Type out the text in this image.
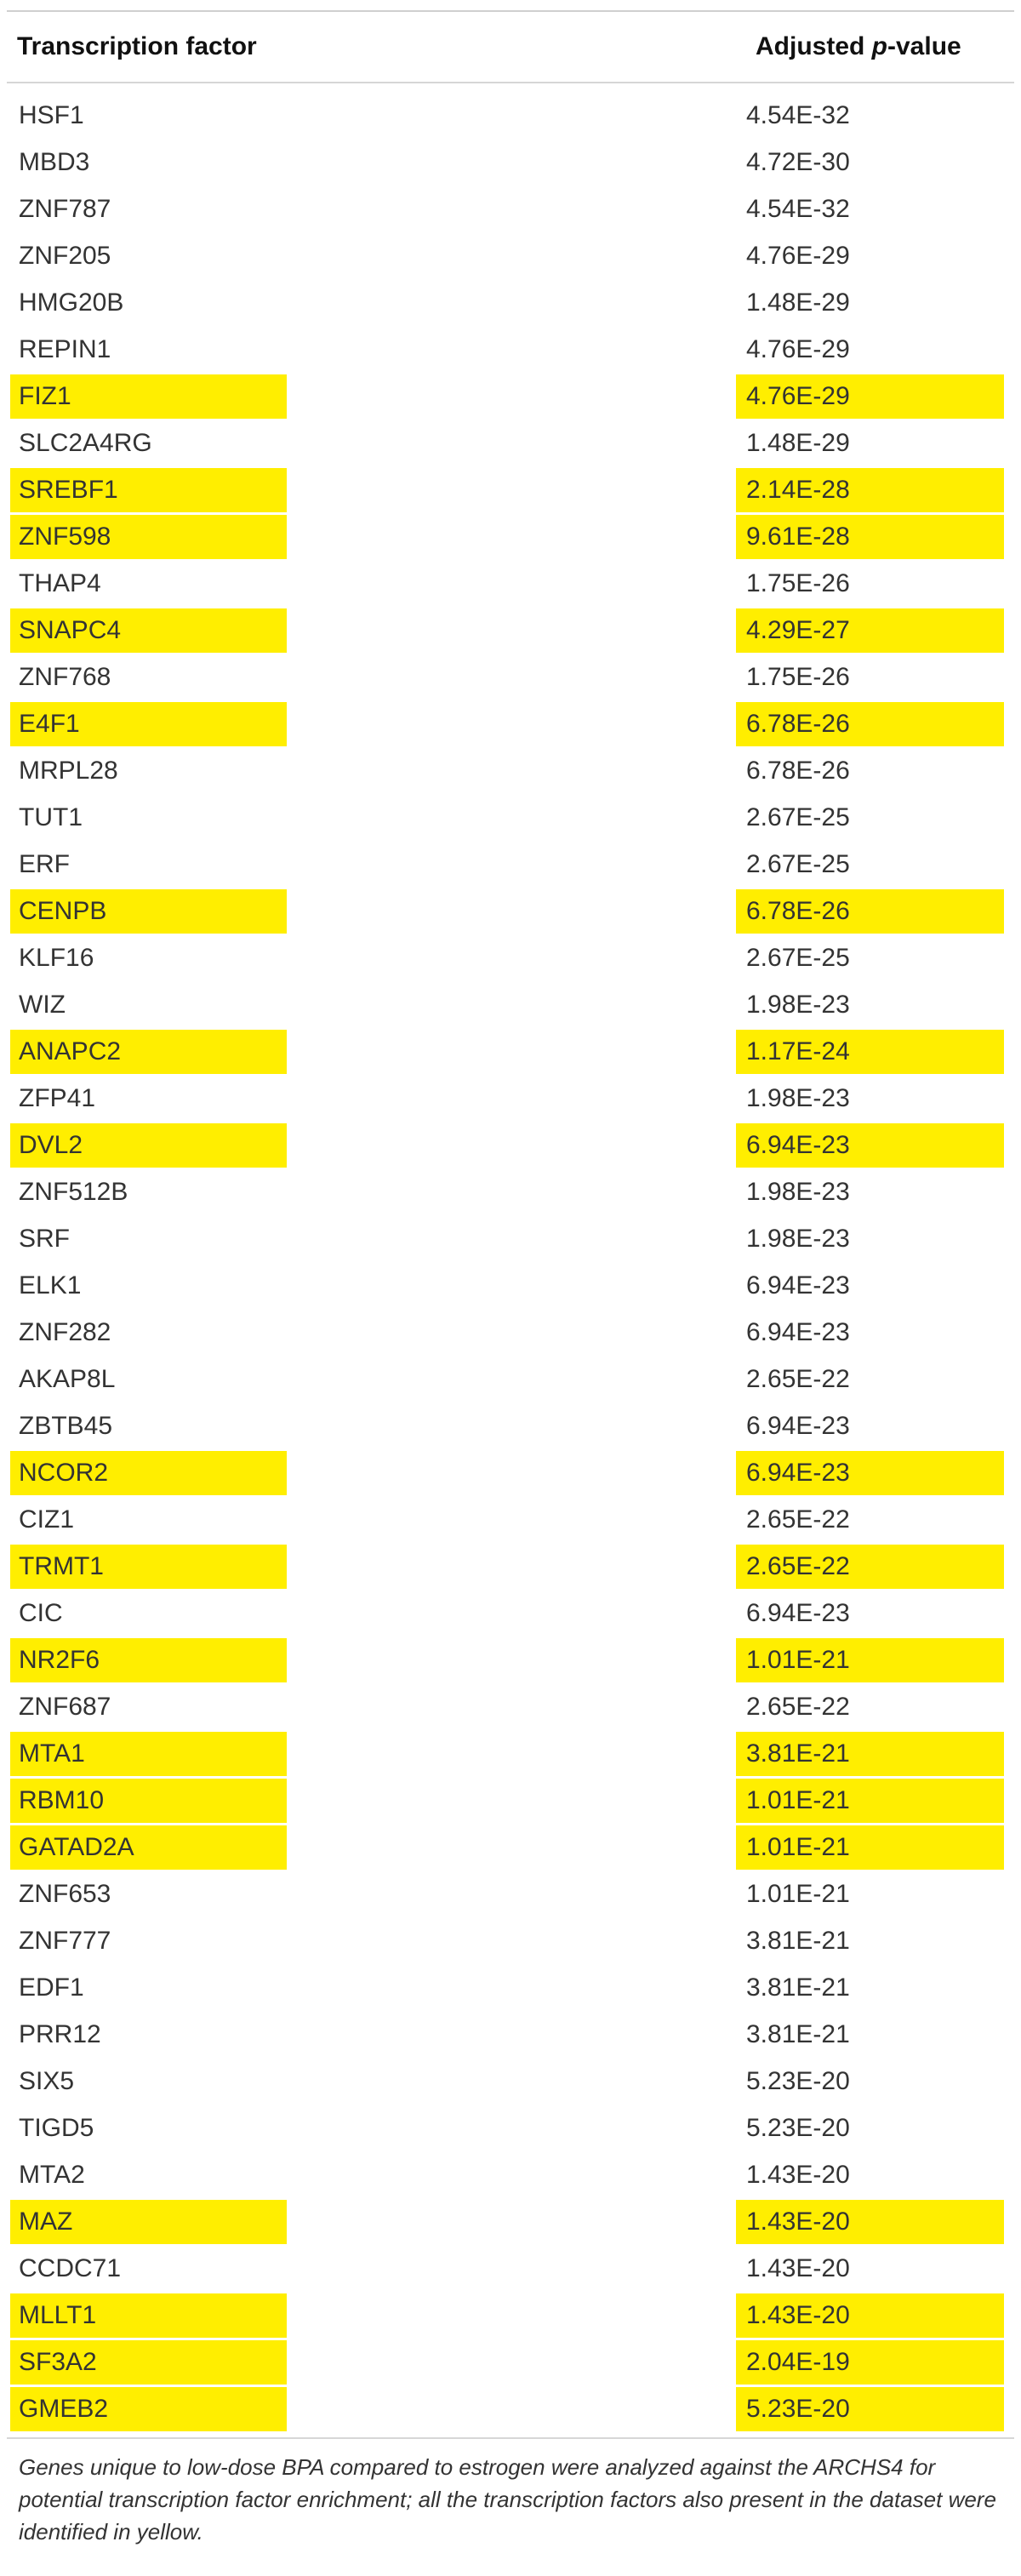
Transcription factor	Adjusted p-value
HSF1	4.54E-32
MBD3	4.72E-30
ZNF787	4.54E-32
ZNF205	4.76E-29
HMG20B	1.48E-29
REPIN1	4.76E-29
FIZ1	4.76E-29
SLC2A4RG	1.48E-29
SREBF1	2.14E-28
ZNF598	9.61E-28
THAP4	1.75E-26
SNAPC4	4.29E-27
ZNF768	1.75E-26
E4F1	6.78E-26
MRPL28	6.78E-26
TUT1	2.67E-25
ERF	2.67E-25
CENPB	6.78E-26
KLF16	2.67E-25
WIZ	1.98E-23
ANAPC2	1.17E-24
ZFP41	1.98E-23
DVL2	6.94E-23
ZNF512B	1.98E-23
SRF	1.98E-23
ELK1	6.94E-23
ZNF282	6.94E-23
AKAP8L	2.65E-22
ZBTB45	6.94E-23
NCOR2	6.94E-23
CIZ1	2.65E-22
TRMT1	2.65E-22
CIC	6.94E-23
NR2F6	1.01E-21
ZNF687	2.65E-22
MTA1	3.81E-21
RBM10	1.01E-21
GATAD2A	1.01E-21
ZNF653	1.01E-21
ZNF777	3.81E-21
EDF1	3.81E-21
PRR12	3.81E-21
SIX5	5.23E-20
TIGD5	5.23E-20
MTA2	1.43E-20
MAZ	1.43E-20
CCDC71	1.43E-20
MLLT1	1.43E-20
SF3A2	2.04E-19
GMEB2	5.23E-20
Genes unique to low-dose BPA compared to estrogen were analyzed against the ARCHS4 for potential transcription factor enrichment; all the transcription factors also present in the dataset were identified in yellow.
